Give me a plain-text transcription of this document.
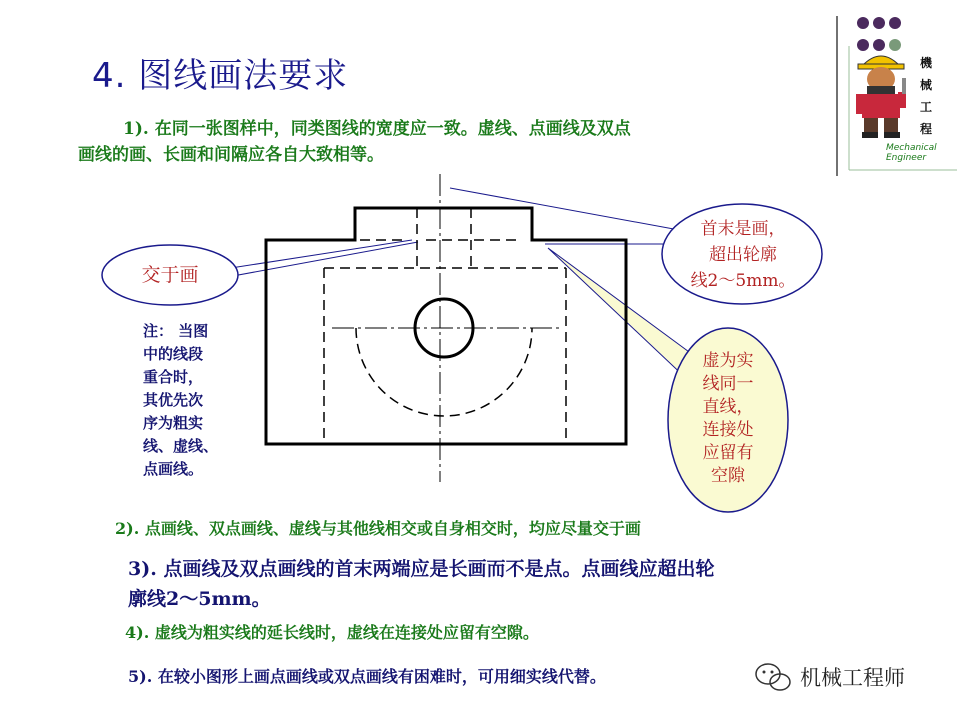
4. 图线画法要求
1). 在同一张图样中，同类图线的宽度应一致。虚线、点画线及双点
画线的画、长画和间隔应各自大致相等。
機
械
工
程
Mechanical Engineer
交于画
首末是画，
超出轮廓
线2～5mm。
虚为实
线同一
直线，
连接处
应留有
空隙
注： 当图
中的线段
重合时，
其优先次
序为粗实
线、虚线、
点画线。
2). 点画线、双点画线、虚线与其他线相交或自身相交时，均应尽量交于画
3). 点画线及双点画线的首末两端应是长画而不是点。点画线应超出轮
廓线2～5mm。
4). 虚线为粗实线的延长线时，虚线在连接处应留有空隙。
5). 在较小图形上画点画线或双点画线有困难时，可用细实线代替。	机械工程师
